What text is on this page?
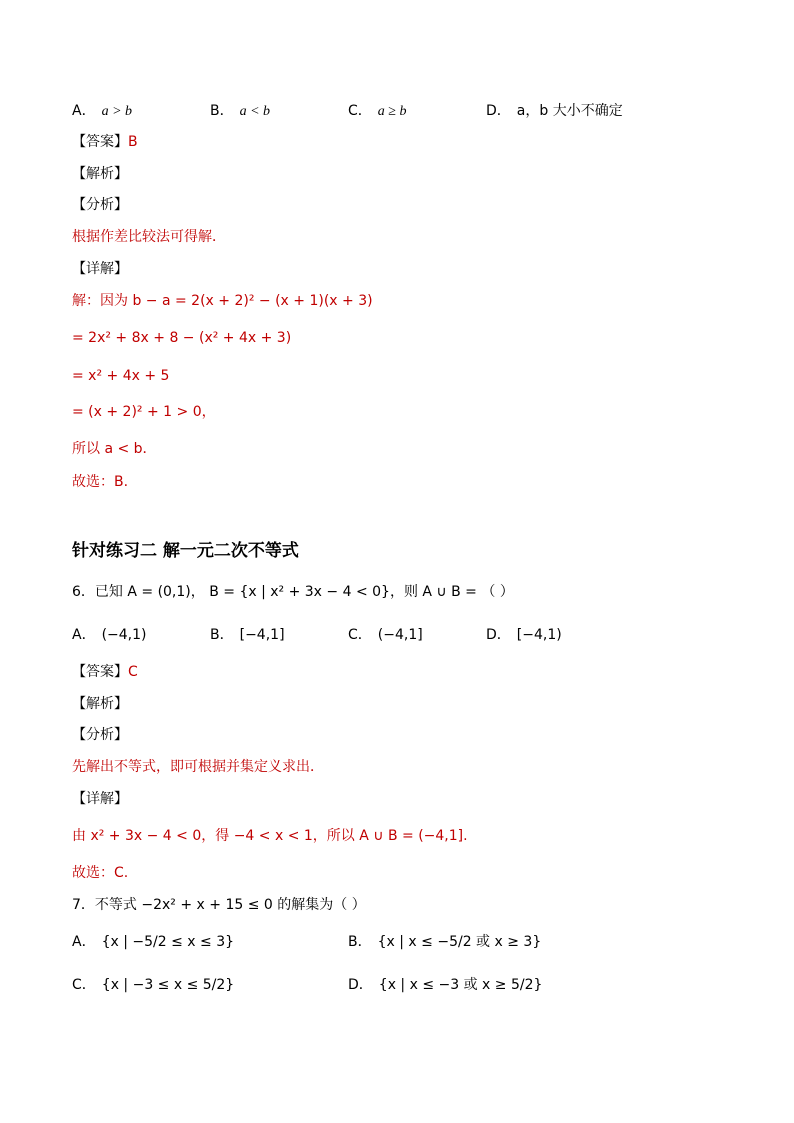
A． a > b	B． a < b	C． a ≥ b	D． a，b 大小不确定
【答案】B
【解析】
【分析】
根据作差比较法可得解．
【详解】
解：因为 b − a = 2(x + 2)² − (x + 1)(x + 3)
= 2x² + 8x + 8 − (x² + 4x + 3)
= x² + 4x + 5
= (x + 2)² + 1 > 0，
所以 a < b．
故选：B.
针对练习二 解一元二次不等式
6．已知 A = (0,1)， B = {x | x² + 3x − 4 < 0}，则 A ∪ B = （ ）
A． (−4,1)	B． [−4,1]	C． (−4,1]	D． [−4,1)
【答案】C
【解析】
【分析】
先解出不等式，即可根据并集定义求出．
【详解】
由 x² + 3x − 4 < 0，得 −4 < x < 1，所以 A ∪ B = (−4,1].
故选：C.
7．不等式 −2x² + x + 15 ≤ 0 的解集为（ ）
A． {x | −5/2 ≤ x ≤ 3}	B． {x | x ≤ −5/2 或 x ≥ 3}
C． {x | −3 ≤ x ≤ 5/2}	D． {x | x ≤ −3 或 x ≥ 5/2}
